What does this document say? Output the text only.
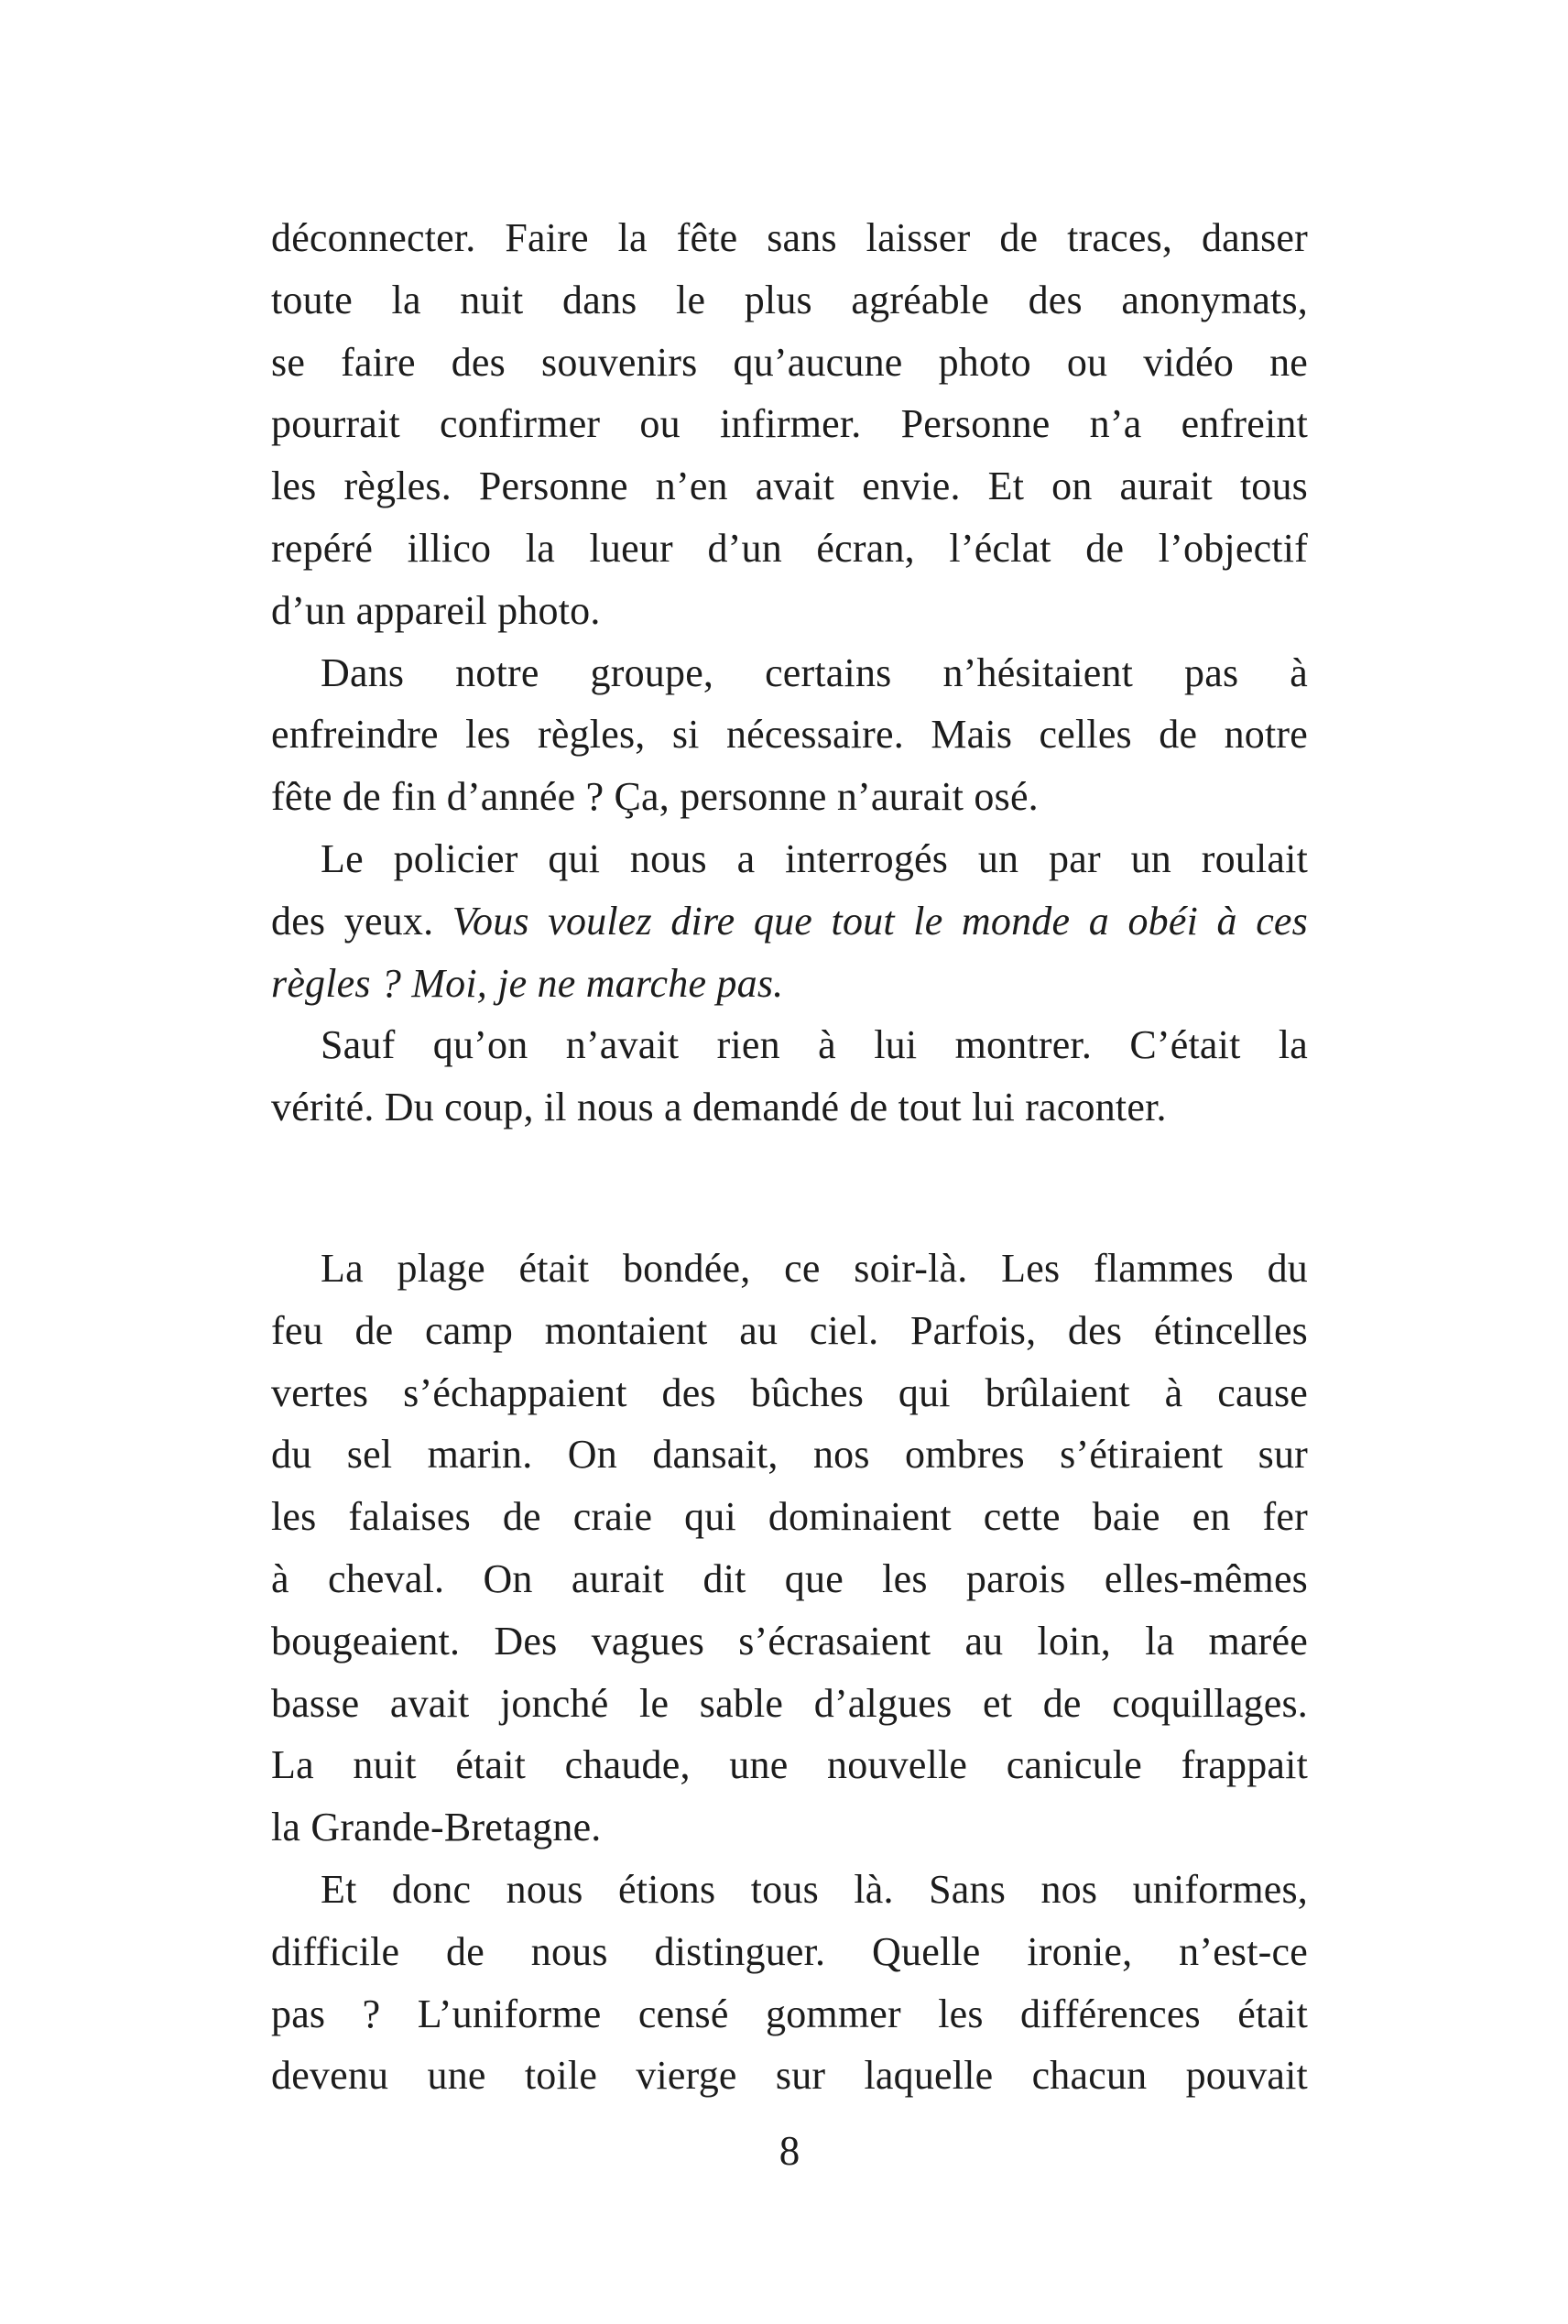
déconnecter. Faire la fête sans laisser de traces, danser
toute la nuit dans le plus agréable des anonymats,
se faire des souvenirs qu’aucune photo ou vidéo ne
pourrait confirmer ou infirmer. Personne n’a enfreint
les règles. Personne n’en avait envie. Et on aurait tous
repéré illico la lueur d’un écran, l’éclat de l’objectif
d’un appareil photo.
Dans notre groupe, certains n’hésitaient pas à
enfreindre les règles, si nécessaire. Mais celles de notre
fête de fin d’année ? Ça, personne n’aurait osé.
Le policier qui nous a interrogés un par un roulait
des yeux. Vous voulez dire que tout le monde a obéi à ces
règles ? Moi, je ne marche pas.
Sauf qu’on n’avait rien à lui montrer. C’était la
vérité. Du coup, il nous a demandé de tout lui raconter.
La plage était bondée, ce soir-là. Les flammes du
feu de camp montaient au ciel. Parfois, des étincelles
vertes s’échappaient des bûches qui brûlaient à cause
du sel marin. On dansait, nos ombres s’étiraient sur
les falaises de craie qui dominaient cette baie en fer
à cheval. On aurait dit que les parois elles-mêmes
bougeaient. Des vagues s’écrasaient au loin, la marée
basse avait jonché le sable d’algues et de coquillages.
La nuit était chaude, une nouvelle canicule frappait
la Grande-Bretagne.
Et donc nous étions tous là. Sans nos uniformes,
difficile de nous distinguer. Quelle ironie, n’est-ce
pas ? L’uniforme censé gommer les différences était
devenu une toile vierge sur laquelle chacun pouvait
8
